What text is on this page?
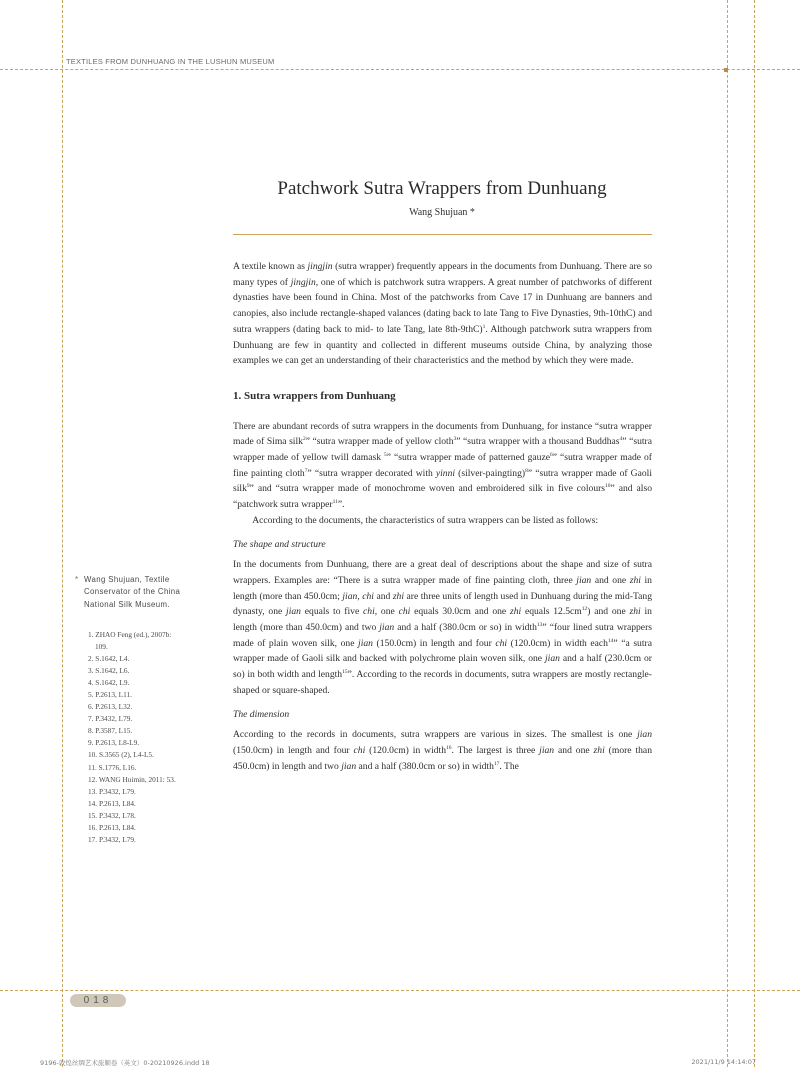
TEXTILES FROM DUNHUANG IN THE LUSHUN MUSEUM
Patchwork Sutra Wrappers from Dunhuang
Wang Shujuan *

A textile known as jingjin (sutra wrapper) frequently appears in the documents from Dunhuang. There are so many types of jingjin, one of which is patchwork sutra wrappers. A great number of patchworks of different dynasties have been found in China. Most of the patchworks from Cave 17 in Dunhuang are banners and canopies, also include rectangle-shaped valances (dating back to late Tang to Five Dynasties, 9th-10thC) and sutra wrappers (dating back to mid- to late Tang, late 8th-9thC)$^1$. Although patchwork sutra wrappers from Dunhuang are few in quantity and collected in different museums outside China, by analyzing those examples we can get an understanding of their characteristics and the method by which they were made.

1. Sutra wrappers from Dunhuang

There are abundant records of sutra wrappers in the documents from Dunhuang, for instance “sutra wrapper made of Sima silk$^2$” “sutra wrapper made of yellow cloth$^3$” “sutra wrapper with a thousand Buddhas$^4$” “sutra wrapper made of yellow twill damask $^5$” “sutra wrapper made of patterned gauze$^6$” “sutra wrapper made of fine painting cloth$^7$” “sutra wrapper decorated with yinni (silver-paingting)$^8$” “sutra wrapper made of Gaoli silk$^9$” and “sutra wrapper made of monochrome woven and embroidered silk in five colours$^{10}$” and also “patchwork sutra wrapper$^{11}$”.

According to the documents, the characteristics of sutra wrappers can be listed as follows:

The shape and structure

In the documents from Dunhuang, there are a great deal of descriptions about the shape and size of sutra wrappers. Examples are: “There is a sutra wrapper made of fine painting cloth, three jian and one zhi in length (more than 450.0cm; jian, chi and zhi are three units of length used in Dunhuang during the mid-Tang dynasty, one jian equals to five chi, one chi equals 30.0cm and one zhi equals $12.5cm^{12}$) and one zhi in length (more than 450.0cm) and two jian and a half (380.0cm or so) in width$^{13}$” “four lined sutra wrappers made of plain woven silk, one jian (150.0cm) in length and four chi (120.0cm) in width each$^{14}$” “a sutra wrapper made of Gaoli silk and backed with polychrome plain woven silk, one jian and a half (230.0cm or so) in both width and length$^{15}$”. According to the records in documents, sutra wrappers are mostly rectangle-shaped or square-shaped.

The dimension

According to the records in documents, sutra wrappers are various in sizes. The smallest is one jian (150.0cm) in length and four chi (120.0cm) in width$^{16}$. The largest is three jian and one zhi (more than 450.0cm) in length and two jian and a half (380.0cm or so) in width$^{17}$. The

* Wang Shujuan, Textile Conservator of the China National Silk Museum.
1. ZHAO Feng (ed.), 2007b:
109.
2. S.1642, L4.
3. S.1642, L6.
4. S.1642, L9.
5. P.2613, L11.
6. P.2613, L32.
7. P.3432, L79.
8. P.3587, L15.
9. P.2613, L8-L9.
10. S.3565 (2), L4-L5.
11. S.1776, L16.
12. WANG Huimin, 2011: 53.
13. P.3432, L79.
14. P.2613, L84.
15. P.3432, L78.
16. P.2613, L84.
17. P.3432, L79.
018
9196-敦煌丝绸艺术旅顺卷（英文）0-20210926.indd 18	2021/11/9 14:14:07
